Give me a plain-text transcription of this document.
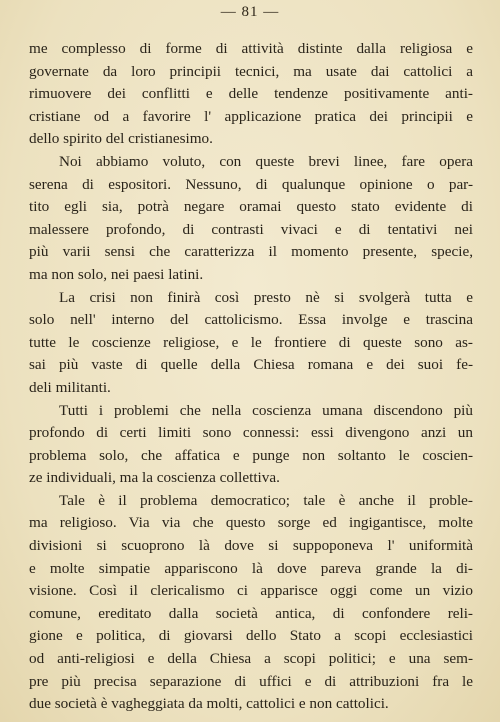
— 81 —
me complesso di forme di attività distinte dalla religiosa e
governate da loro principii tecnici, ma usate dai cattolici a
rimuovere dei conflitti e delle tendenze positivamente anti-
cristiane od a favorire l' applicazione pratica dei principii e
dello spirito del cristianesimo.
Noi abbiamo voluto, con queste brevi linee, fare opera
serena di espositori. Nessuno, di qualunque opinione o par-
tito egli sia, potrà negare oramai questo stato evidente di
malessere profondo, di contrasti vivaci e di tentativi nei
più varii sensi che caratterizza il momento presente, specie,
ma non solo, nei paesi latini.
La crisi non finirà così presto nè si svolgerà tutta e
solo nell' interno del cattolicismo. Essa involge e trascina
tutte le coscienze religiose, e le frontiere di queste sono as-
sai più vaste di quelle della Chiesa romana e dei suoi fe-
deli militanti.
Tutti i problemi che nella coscienza umana discendono più
profondo di certi limiti sono connessi: essi divengono anzi un
problema solo, che affatica e punge non soltanto le coscien-
ze individuali, ma la coscienza collettiva.
Tale è il problema democratico; tale è anche il proble-
ma religioso. Via via che questo sorge ed ingigantisce, molte
divisioni si scuoprono là dove si suppoponeva l' uniformità
e molte simpatie appariscono là dove pareva grande la di-
visione. Così il clericalismo ci apparisce oggi come un vizio
comune, ereditato dalla società antica, di confondere reli-
gione e politica, di giovarsi dello Stato a scopi ecclesiastici
od anti-religiosi e della Chiesa a scopi politici; e una sem-
pre più precisa separazione di uffici e di attribuzioni fra le
due società è vagheggiata da molti, cattolici e non cattolici.
